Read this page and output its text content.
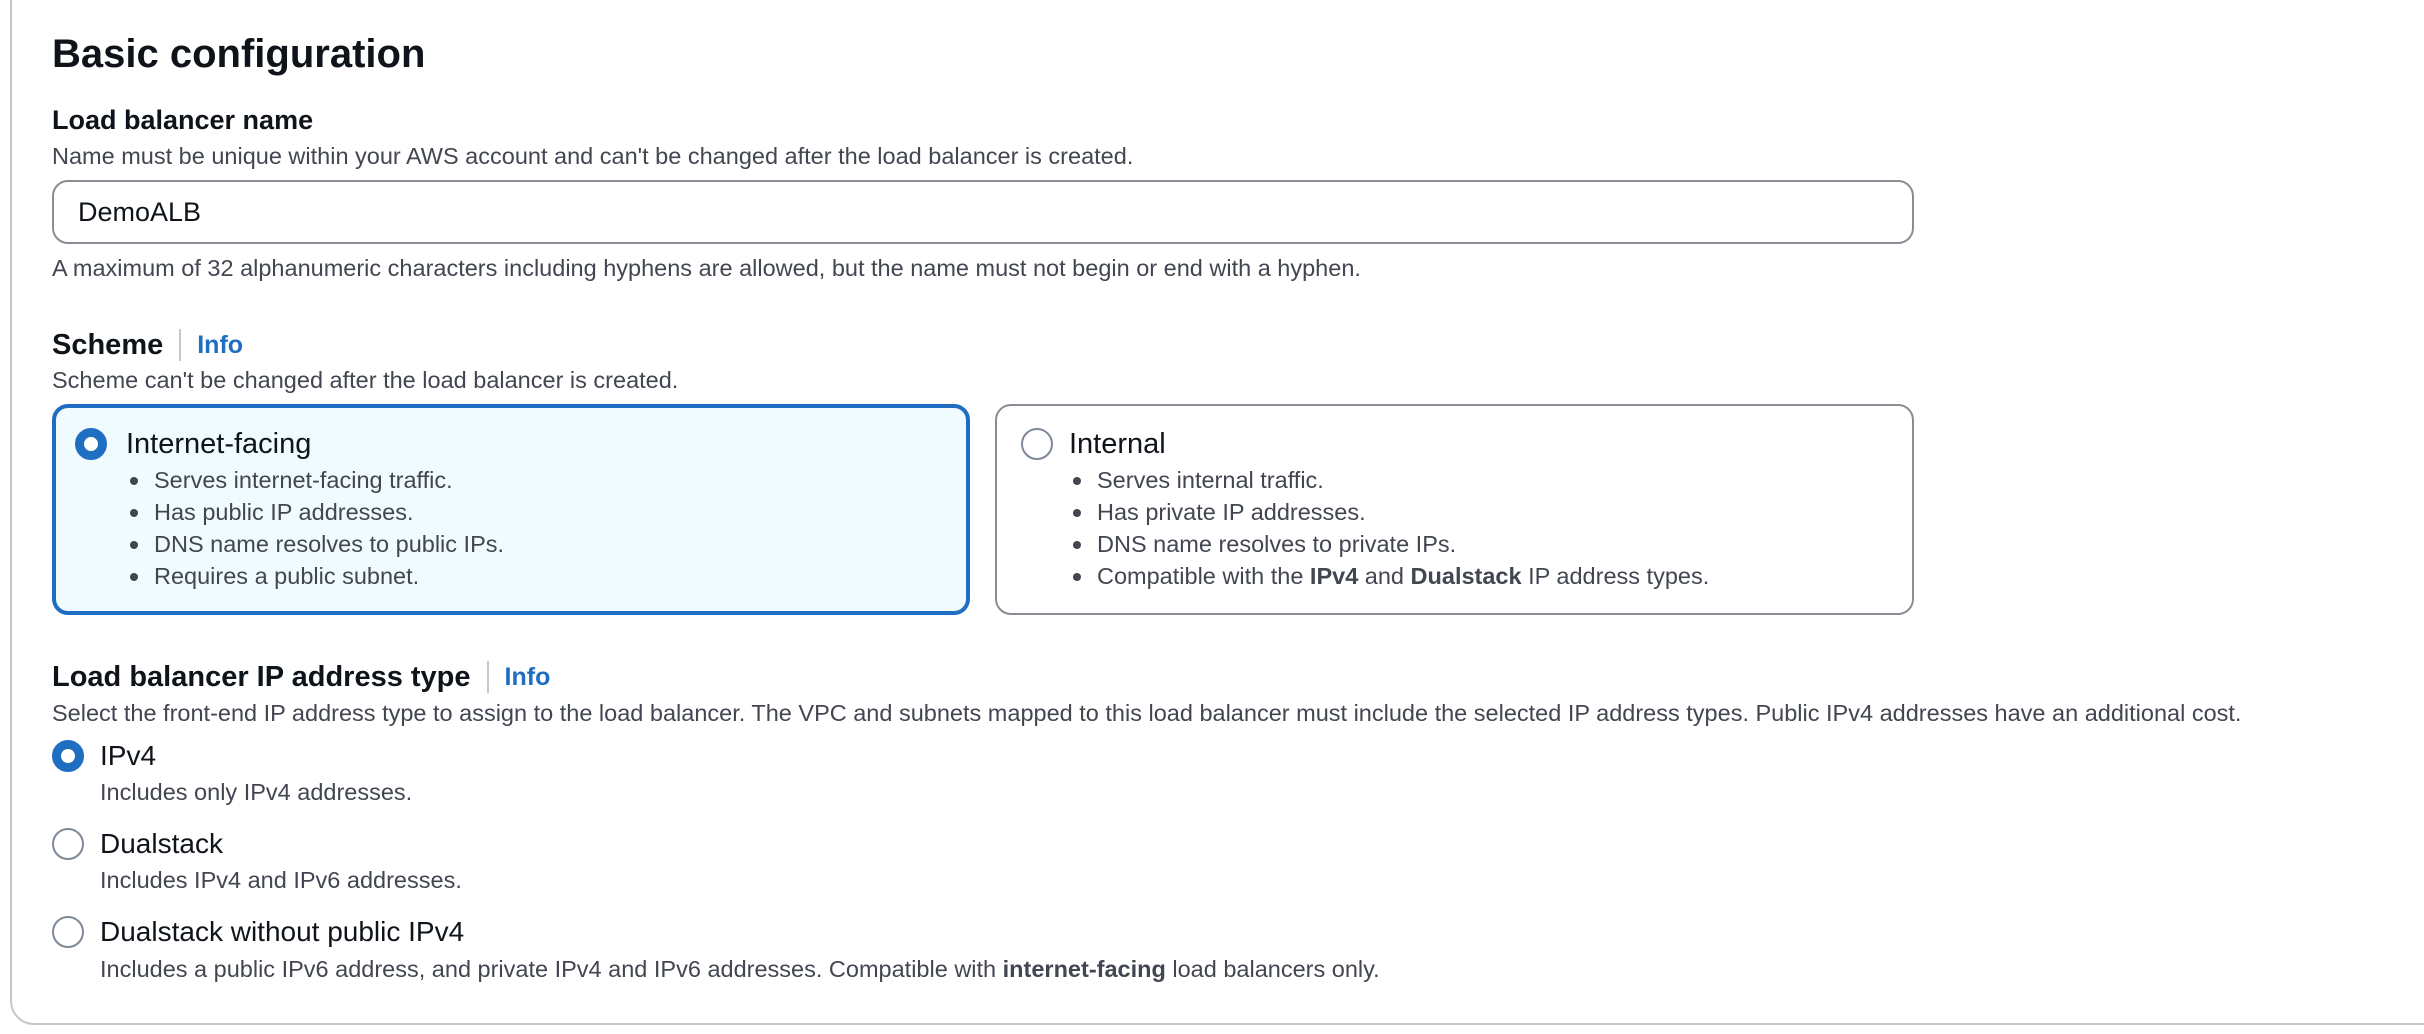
Basic configuration
Load balancer name
Name must be unique within your AWS account and can't be changed after the load balancer is created.
DemoALB
A maximum of 32 alphanumeric characters including hyphens are allowed, but the name must not begin or end with a hyphen.
Scheme Info
Scheme can't be changed after the load balancer is created.
Internet-facing
Serves internet-facing traffic.
Has public IP addresses.
DNS name resolves to public IPs.
Requires a public subnet.
Internal
Serves internal traffic.
Has private IP addresses.
DNS name resolves to private IPs.
Compatible with the IPv4 and Dualstack IP address types.
Load balancer IP address type Info
Select the front-end IP address type to assign to the load balancer. The VPC and subnets mapped to this load balancer must include the selected IP address types. Public IPv4 addresses have an additional cost.
IPv4
Includes only IPv4 addresses.
Dualstack
Includes IPv4 and IPv6 addresses.
Dualstack without public IPv4
Includes a public IPv6 address, and private IPv4 and IPv6 addresses. Compatible with internet-facing load balancers only.
